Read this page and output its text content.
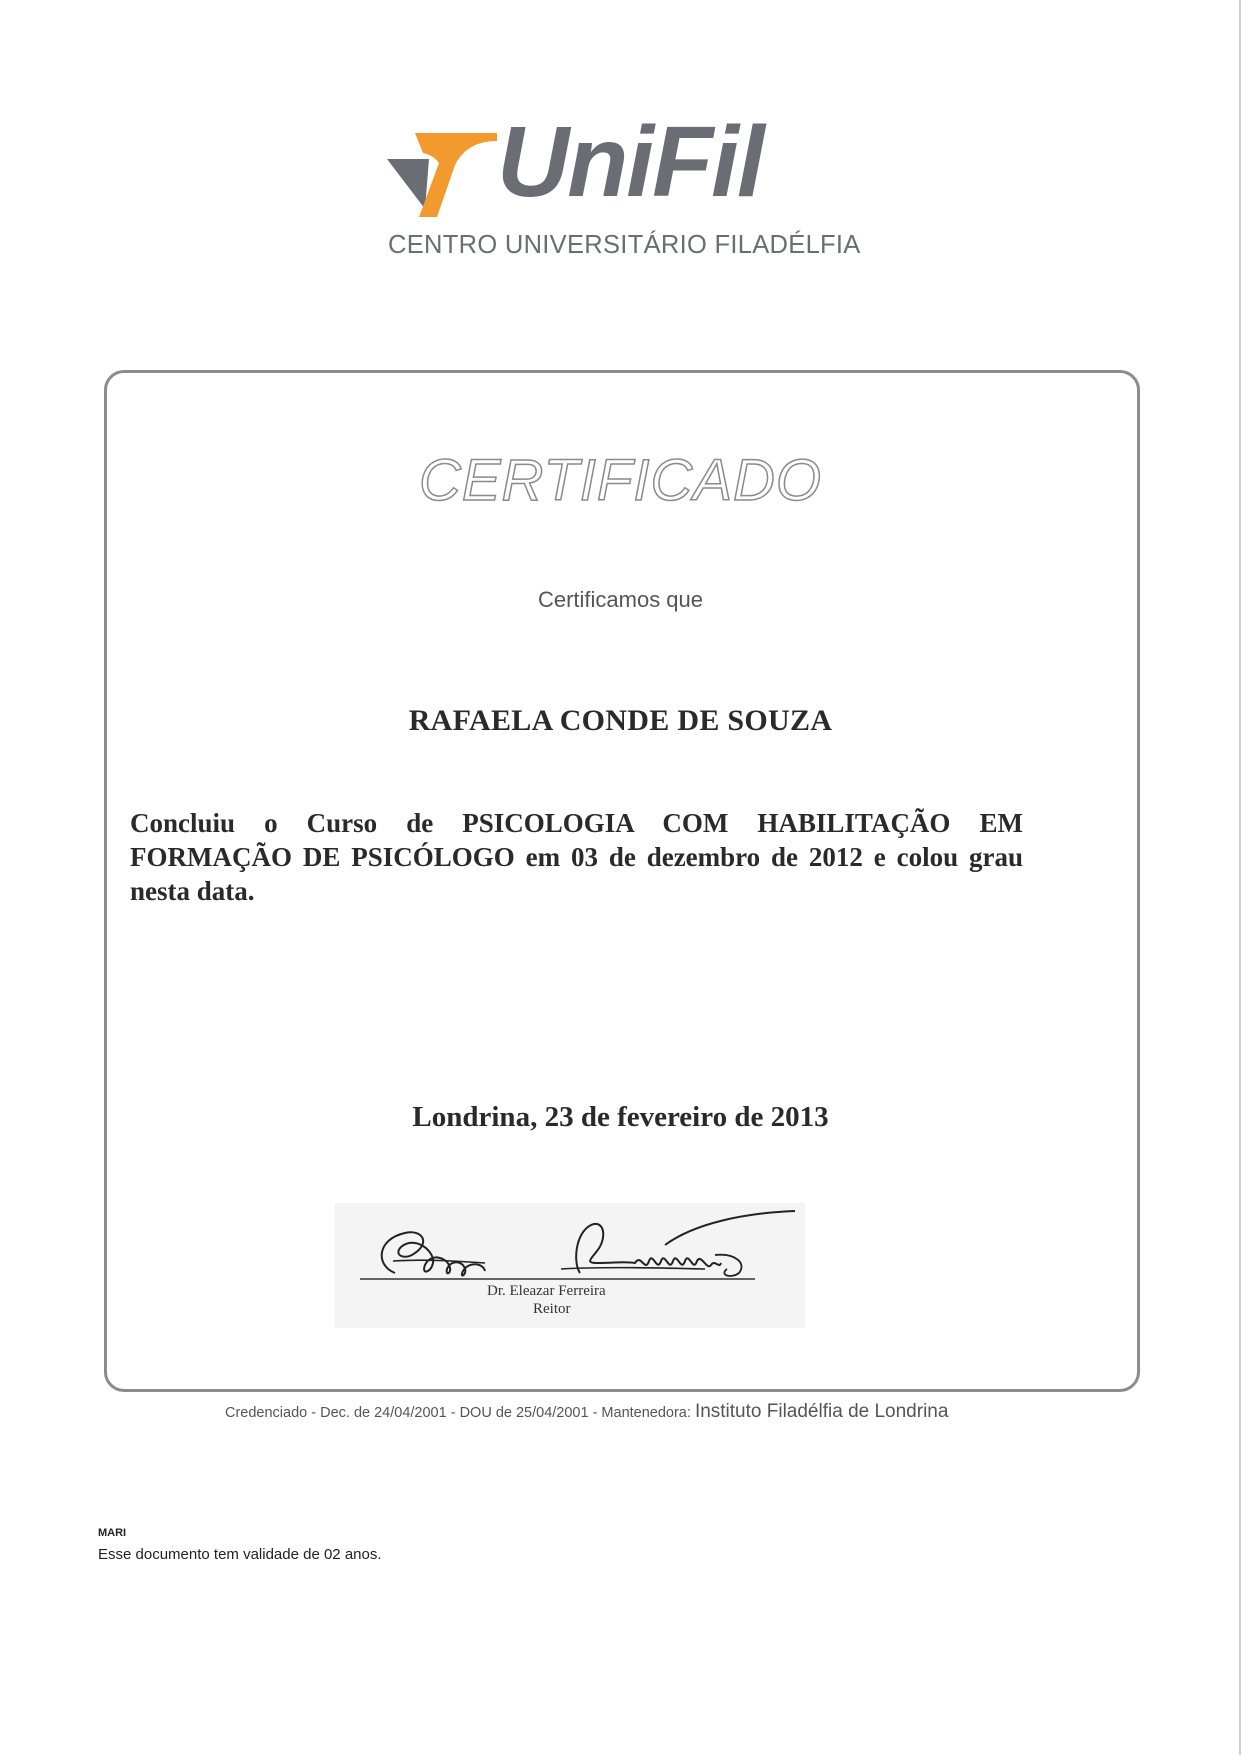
UniFil
CENTRO UNIVERSITÁRIO FILADÉLFIA
CERTIFICADO
Certificamos que
RAFAELA CONDE DE SOUZA
Concluiu o Curso de PSICOLOGIA COM HABILITAÇÃO EM FORMAÇÃO DE PSICÓLOGO em 03 de dezembro de 2012 e colou grau nesta data.
Londrina, 23 de fevereiro de 2013
Dr. Eleazar Ferreira
Reitor
Credenciado - Dec. de 24/04/2001 - DOU de 25/04/2001 - Mantenedora: Instituto Filadélfia de Londrina
MARI
Esse documento tem validade de 02 anos.
